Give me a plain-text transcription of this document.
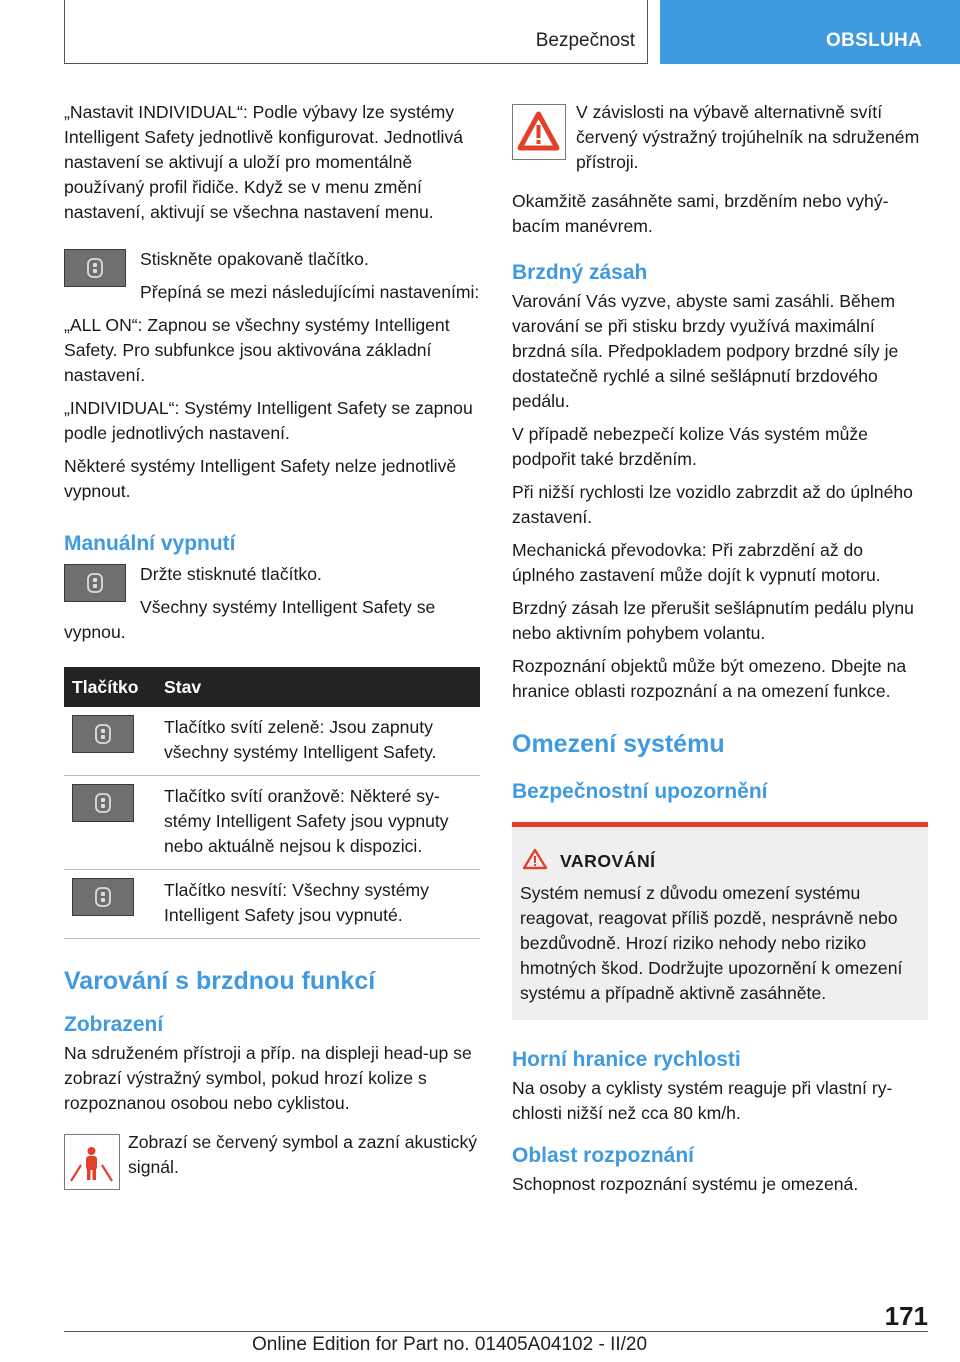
Bezpečnost	OBSLUHA

„Nastavit INDIVIDUAL“: Podle výbavy lze systémy Intelligent Safety jednotlivě konfigurovat. Jednotlivá nastavení se aktivují a uloží pro momentálně používaný profil řidiče. Když se v menu změní nastavení, aktivují se všechna nastavení menu.

Stiskněte opakovaně tlačítko.

Přepíná se mezi následujícími nastaveními:

„ALL ON“: Zapnou se všechny systémy Intelligent Safety. Pro subfunkce jsou aktivována základní nastavení.

„INDIVIDUAL“: Systémy Intelligent Safety se zapnou podle jednotlivých nastavení.

Některé systémy Intelligent Safety nelze jednotlivě vypnout.

Manuální vypnutí

Držte stisknuté tlačítko.

Všechny systémy Intelligent Safety se vypnou.

Tlačítko	Stav

	Tlačítko svítí zeleně: Jsou zapnuty všechny systémy Intelligent Safety.

	Tlačítko svítí oranžově: Některé systémy Intelligent Safety jsou vypnuty nebo aktuálně nejsou k dispozici.

	Tlačítko nesvítí: Všechny systémy Intelligent Safety jsou vypnuté.
Varování s brzdnou funkcí
Zobrazení

Na sdruženém přístroji a příp. na displeji head-up se zobrazí výstražný symbol, pokud hrozí kolize s rozpoznanou osobou nebo cyklistou.

Zobrazí se červený symbol a zazní akustický signál.

V závislosti na výbavě alternativně svítí červený výstražný trojúhelník na sdruženém přístroji.

Okamžitě zasáhněte sami, brzděním nebo vyhýbacím manévrem.

Brzdný zásah

Varování Vás vyzve, abyste sami zasáhli. Během varování se při stisku brzdy využívá maximální brzdná síla. Předpokladem podpory brzdné síly je dostatečně rychlé a silné sešlápnutí brzdového pedálu.

V případě nebezpečí kolize Vás systém může podpořit také brzděním.

Při nižší rychlosti lze vozidlo zabrzdit až do úplného zastavení.

Mechanická převodovka: Při zabrzdění až do úplného zastavení může dojít k vypnutí motoru.

Brzdný zásah lze přerušit sešlápnutím pedálu plynu nebo aktivním pohybem volantu.

Rozpoznání objektů může být omezeno. Dbejte na hranice oblasti rozpoznání a na omezení funkce.

Omezení systému
Bezpečnostní upozornění
VAROVÁNÍ

Systém nemusí z důvodu omezení systému reagovat, reagovat příliš pozdě, nesprávně nebo bezdůvodně. Hrozí riziko nehody nebo riziko hmotných škod. Dodržujte upozornění k omezení systému a případně aktivně zasáhněte.

Horní hranice rychlosti

Na osoby a cyklisty systém reaguje při vlastní rychlosti nižší než cca 80 km/h.

Oblast rozpoznání

Schopnost rozpoznání systému je omezená.

171
Online Edition for Part no. 01405A04102 - II/20
